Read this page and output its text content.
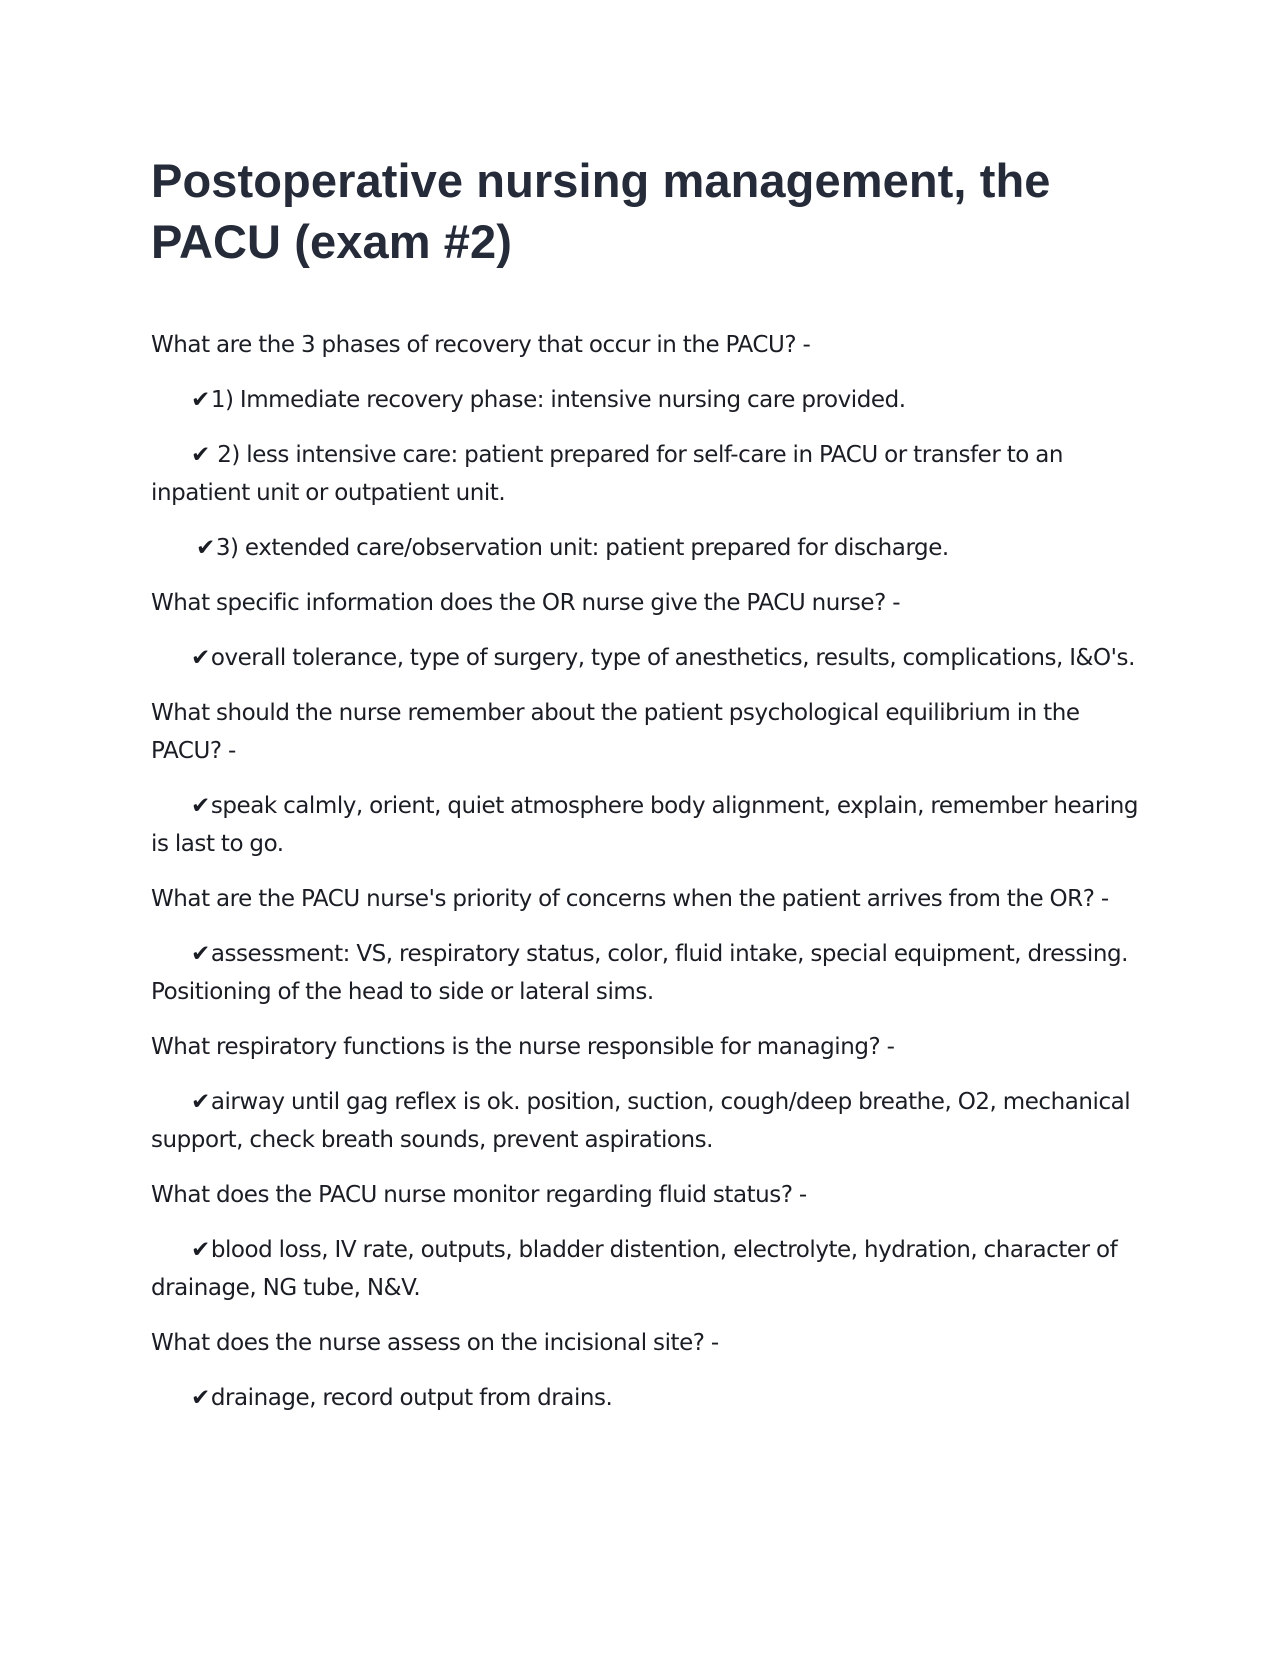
Postoperative nursing management, the PACU (exam #2)

What are the 3 phases of recovery that occur in the PACU? -

✔1) Immediate recovery phase: intensive nursing care provided.

✔ 2) less intensive care: patient prepared for self-care in PACU or transfer to an inpatient unit or outpatient unit.

✔3) extended care/observation unit: patient prepared for discharge.

What specific information does the OR nurse give the PACU nurse? -

✔overall tolerance, type of surgery, type of anesthetics, results, complications, I&O's.

What should the nurse remember about the patient psychological equilibrium in the PACU? -

✔speak calmly, orient, quiet atmosphere body alignment, explain, remember hearing is last to go.

What are the PACU nurse's priority of concerns when the patient arrives from the OR? -

✔assessment: VS, respiratory status, color, fluid intake, special equipment, dressing. Positioning of the head to side or lateral sims.

What respiratory functions is the nurse responsible for managing? -

✔airway until gag reflex is ok. position, suction, cough/deep breathe, O2, mechanical support, check breath sounds, prevent aspirations.

What does the PACU nurse monitor regarding fluid status? -

✔blood loss, IV rate, outputs, bladder distention, electrolyte, hydration, character of drainage, NG tube, N&V.

What does the nurse assess on the incisional site? -

✔drainage, record output from drains.
